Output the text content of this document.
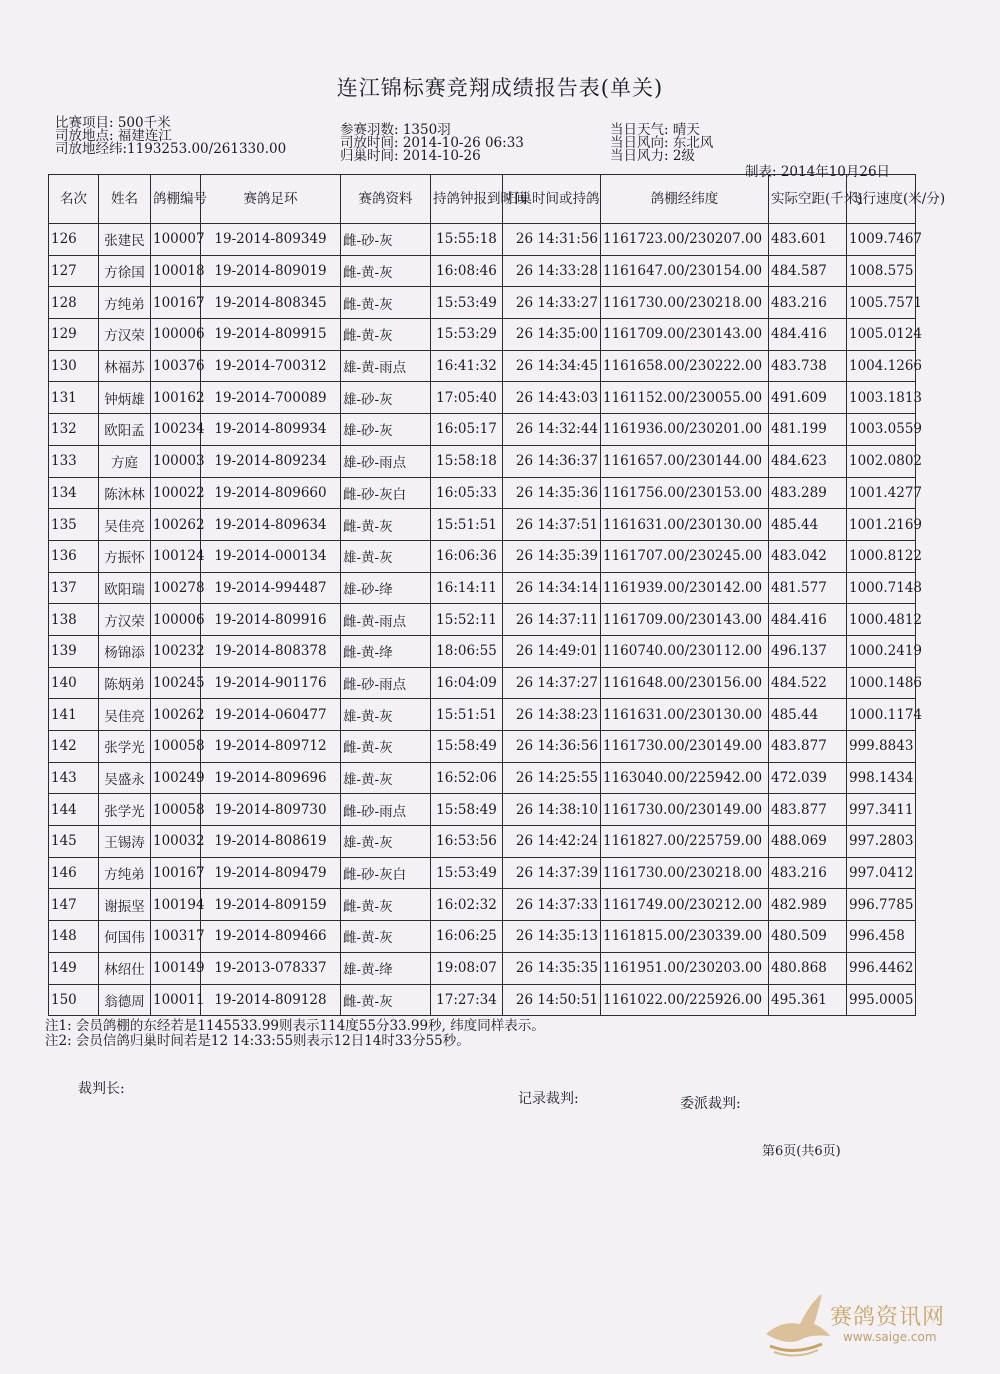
连江锦标赛竞翔成绩报告表(单关)
比赛项目: 500千米
司放地点: 福建连江
司放地经纬:1193253.00/261330.00
参赛羽数: 1350羽
司放时间: 2014-10-26 06:33
归巢时间: 2014-10-26
当日天气: 晴天
当日风向: 东北风
当日风力: 2级
制表: 2014年10月26日
名次	姓名	鸽棚编号	赛鸽足环	赛鸽资料	持鸽钟报到时间	归巢时间或持鸽	鸽棚经纬度	实际空距(千米)	飞行速度(米/分)
126	张建民	100007	19-2014-809349	雌-砂-灰	15:55:18	26 14:31:56	1161723.00/230207.00	483.601	1009.7467
127	方徐国	100018	19-2014-809019	雌-黄-灰	16:08:46	26 14:33:28	1161647.00/230154.00	484.587	1008.575
128	方纯弟	100167	19-2014-808345	雌-黄-灰	15:53:49	26 14:33:27	1161730.00/230218.00	483.216	1005.7571
129	方汉荣	100006	19-2014-809915	雌-黄-灰	15:53:29	26 14:35:00	1161709.00/230143.00	484.416	1005.0124
130	林福苏	100376	19-2014-700312	雄-黄-雨点	16:41:32	26 14:34:45	1161658.00/230222.00	483.738	1004.1266
131	钟炳雄	100162	19-2014-700089	雄-砂-灰	17:05:40	26 14:43:03	1161152.00/230055.00	491.609	1003.1813
132	欧阳孟	100234	19-2014-809934	雄-砂-灰	16:05:17	26 14:32:44	1161936.00/230201.00	481.199	1003.0559
133	方庭	100003	19-2014-809234	雄-砂-雨点	15:58:18	26 14:36:37	1161657.00/230144.00	484.623	1002.0802
134	陈沐林	100022	19-2014-809660	雌-砂-灰白	16:05:33	26 14:35:36	1161756.00/230153.00	483.289	1001.4277
135	吴佳亮	100262	19-2014-809634	雌-黄-灰	15:51:51	26 14:37:51	1161631.00/230130.00	485.44	1001.2169
136	方振怀	100124	19-2014-000134	雄-黄-灰	16:06:36	26 14:35:39	1161707.00/230245.00	483.042	1000.8122
137	欧阳瑞	100278	19-2014-994487	雄-砂-绛	16:14:11	26 14:34:14	1161939.00/230142.00	481.577	1000.7148
138	方汉荣	100006	19-2014-809916	雌-黄-雨点	15:52:11	26 14:37:11	1161709.00/230143.00	484.416	1000.4812
139	杨锦添	100232	19-2014-808378	雌-黄-绛	18:06:55	26 14:49:01	1160740.00/230112.00	496.137	1000.2419
140	陈炳弟	100245	19-2014-901176	雌-砂-雨点	16:04:09	26 14:37:27	1161648.00/230156.00	484.522	1000.1486
141	吴佳亮	100262	19-2014-060477	雄-黄-灰	15:51:51	26 14:38:23	1161631.00/230130.00	485.44	1000.1174
142	张学光	100058	19-2014-809712	雌-黄-灰	15:58:49	26 14:36:56	1161730.00/230149.00	483.877	999.8843
143	吴盛永	100249	19-2014-809696	雄-黄-灰	16:52:06	26 14:25:55	1163040.00/225942.00	472.039	998.1434
144	张学光	100058	19-2014-809730	雌-砂-雨点	15:58:49	26 14:38:10	1161730.00/230149.00	483.877	997.3411
145	王锡涛	100032	19-2014-808619	雄-黄-灰	16:53:56	26 14:42:24	1161827.00/225759.00	488.069	997.2803
146	方纯弟	100167	19-2014-809479	雌-砂-灰白	15:53:49	26 14:37:39	1161730.00/230218.00	483.216	997.0412
147	谢振坚	100194	19-2014-809159	雌-黄-灰	16:02:32	26 14:37:33	1161749.00/230212.00	482.989	996.7785
148	何国伟	100317	19-2014-809466	雌-黄-灰	16:06:25	26 14:35:13	1161815.00/230339.00	480.509	996.458
149	林绍仕	100149	19-2013-078337	雄-黄-绛	19:08:07	26 14:35:35	1161951.00/230203.00	480.868	996.4462
150	翁德周	100011	19-2014-809128	雌-黄-灰	17:27:34	26 14:50:51	1161022.00/225926.00	495.361	995.0005
注1: 会员鸽棚的东经若是1145533.99则表示114度55分33.99秒, 纬度同样表示。
注2: 会员信鸽归巢时间若是12 14:33:55则表示12日14时33分55秒。
裁判长:
记录裁判:	委派裁判:
第6页(共6页)
赛鸽资讯网
www.saige.com
